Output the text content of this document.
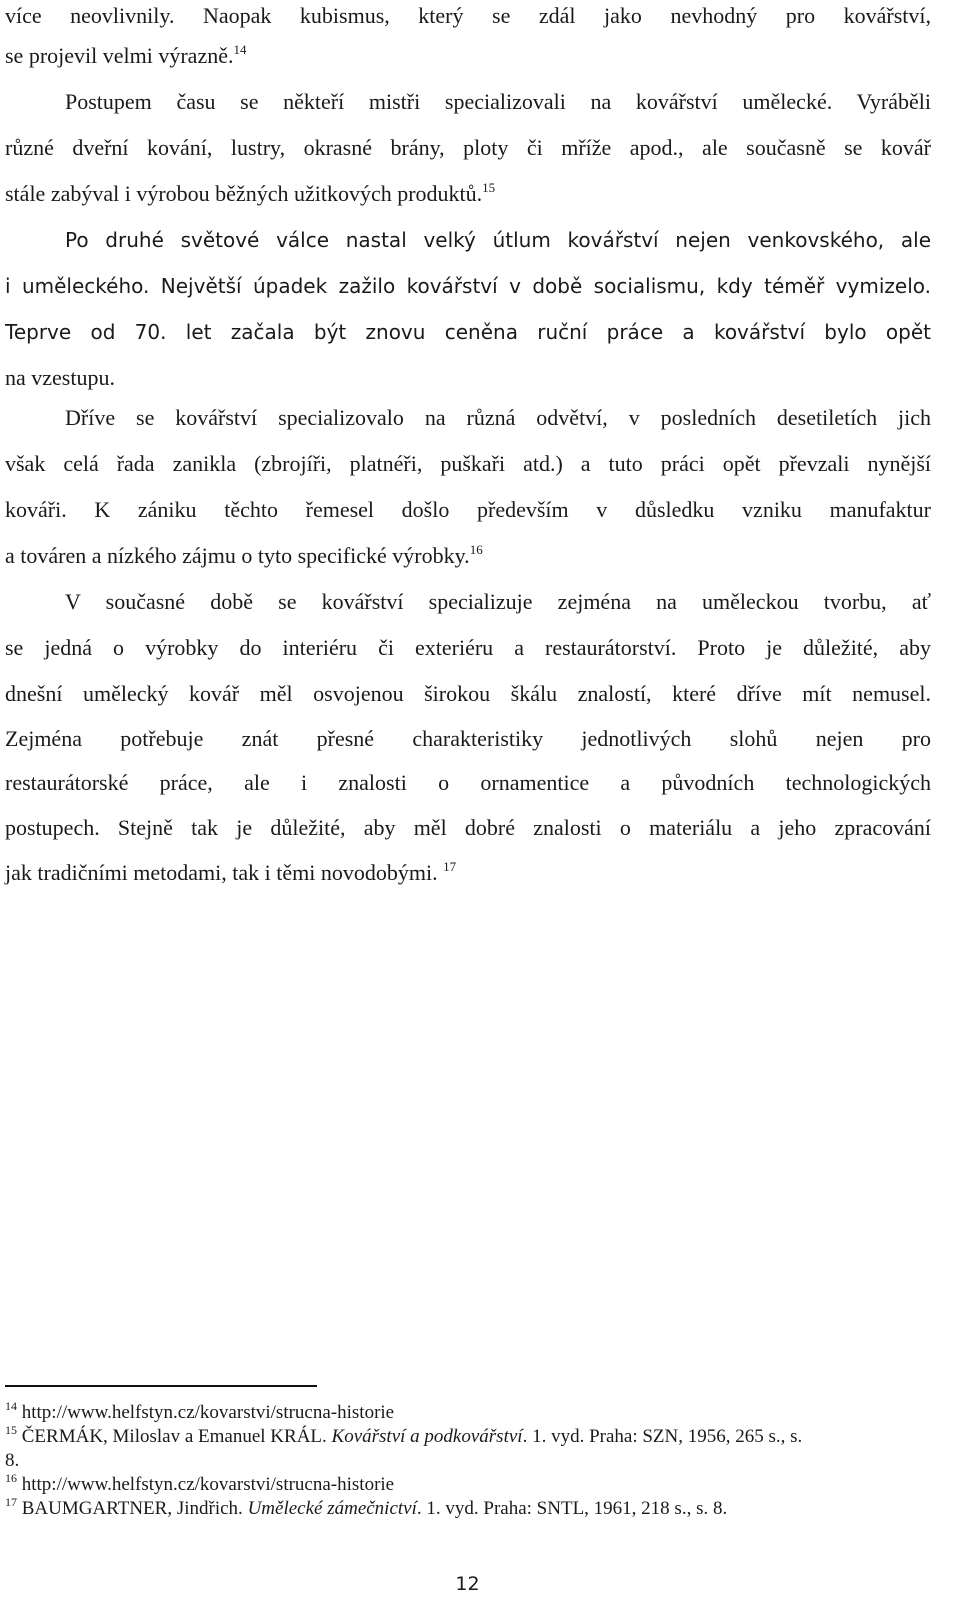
více neovlivnily. Naopak kubismus, který se zdál jako nevhodný pro kovářství,
se projevil velmi výrazně.$^{14}$
Postupem času se někteří mistři specializovali na kovářství umělecké. Vyráběli
různé dveřní kování, lustry, okrasné brány, ploty či mříže apod., ale současně se kovář
stále zabýval i výrobou běžných užitkových produktů.$^{15}$
Po druhé světové válce nastal velký útlum kovářství nejen venkovského, ale
i uměleckého. Největší úpadek zažilo kovářství v době socialismu, kdy téměř vymizelo.
Teprve od 70. let začala být znovu ceněna ruční práce a kovářství bylo opět
na vzestupu.
Dříve se kovářství specializovalo na různá odvětví, v posledních desetiletích jich
však celá řada zanikla (zbrojíři, platnéři, puškaři atd.) a tuto práci opět převzali nynější
kováři. K zániku těchto řemesel došlo především v důsledku vzniku manufaktur
a továren a nízkého zájmu o tyto specifické výrobky.$^{16}$
V současné době se kovářství specializuje zejména na uměleckou tvorbu, ať
se jedná o výrobky do interiéru či exteriéru a restaurátorství. Proto je důležité, aby
dnešní umělecký kovář měl osvojenou širokou škálu znalostí, které dříve mít nemusel.
Zejména potřebuje znát přesné charakteristiky jednotlivých slohů nejen pro
restaurátorské práce, ale i znalosti o ornamentice a původních technologických
postupech. Stejně tak je důležité, aby měl dobré znalosti o materiálu a jeho zpracování
jak tradičními metodami, tak i těmi novodobými. $^{17}$
$^{14}$ http://www.helfstyn.cz/kovarstvi/strucna-historie
$^{15}$ ČERMÁK, Miloslav a Emanuel KRÁL. Kovářství a podkovářství. 1. vyd. Praha: SZN, 1956, 265 s., s.
8.
$^{16}$ http://www.helfstyn.cz/kovarstvi/strucna-historie
$^{17}$ BAUMGARTNER, Jindřich. Umělecké zámečnictví. 1. vyd. Praha: SNTL, 1961, 218 s., s. 8.
12
